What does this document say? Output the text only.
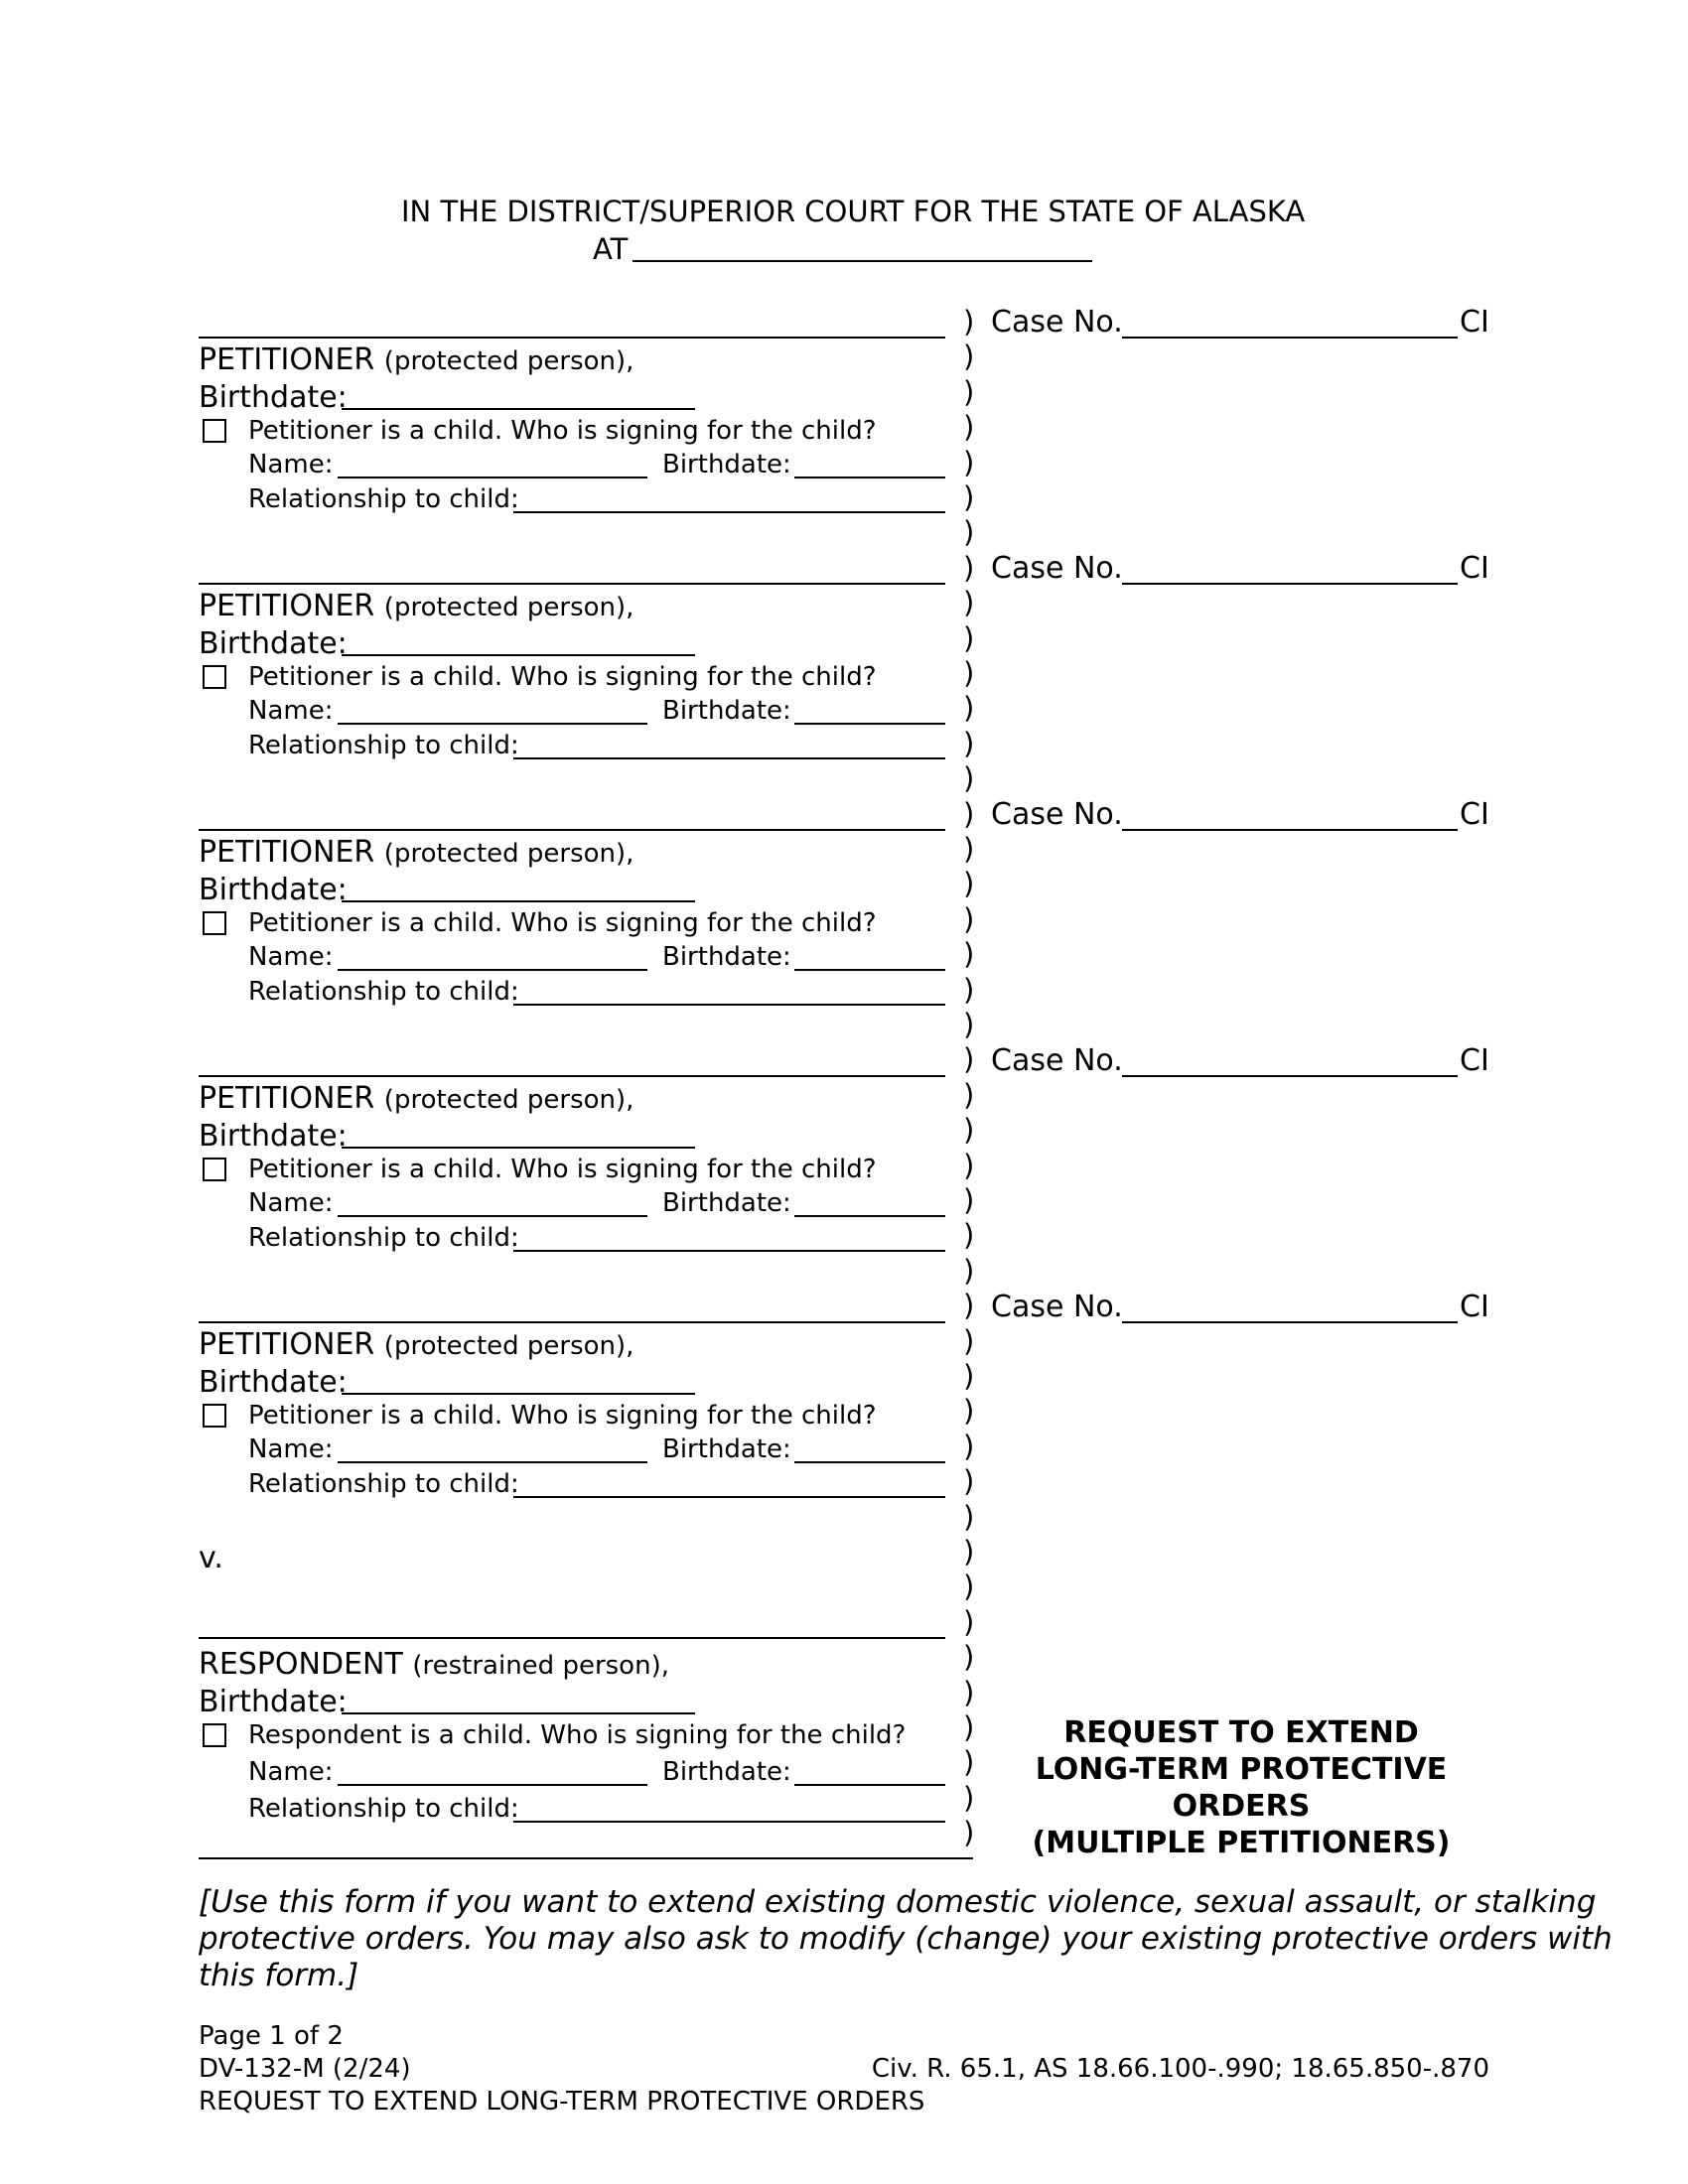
IN THE DISTRICT/SUPERIOR COURT FOR THE STATE OF ALASKA
AT
Case No.	CI
PETITIONER (protected person),
Birthdate:
Petitioner is a child. Who is signing for the child?
Name:	Birthdate:
Relationship to child:
Case No.	CI
PETITIONER (protected person),
Birthdate:
Petitioner is a child. Who is signing for the child?
Name:	Birthdate:
Relationship to child:
Case No.	CI
PETITIONER (protected person),
Birthdate:
Petitioner is a child. Who is signing for the child?
Name:	Birthdate:
Relationship to child:
Case No.	CI
PETITIONER (protected person),
Birthdate:
Petitioner is a child. Who is signing for the child?
Name:	Birthdate:
Relationship to child:
Case No.	CI
PETITIONER (protected person),
Birthdate:
Petitioner is a child. Who is signing for the child?
Name:	Birthdate:
Relationship to child:
v.
RESPONDENT (restrained person),
Birthdate:
Respondent is a child. Who is signing for the child?
Name:	Birthdate:
Relationship to child:
)
)
)
)
)
)
)
)
)
)
)
)
)
)
)
)
)
)
)
)
)
)
)
)
)
)
)
)
)
)
)
)
)
)
)
)
)
)
)
)
)
)
)
)
REQUEST TO EXTEND
LONG-TERM PROTECTIVE
ORDERS
(MULTIPLE PETITIONERS)
[Use this form if you want to extend existing domestic violence, sexual assault, or stalking
protective orders. You may also ask to modify (change) your existing protective orders with
this form.]
Page 1 of 2
DV-132-M (2/24)	Civ. R. 65.1, AS 18.66.100-.990; 18.65.850-.870
REQUEST TO EXTEND LONG-TERM PROTECTIVE ORDERS
